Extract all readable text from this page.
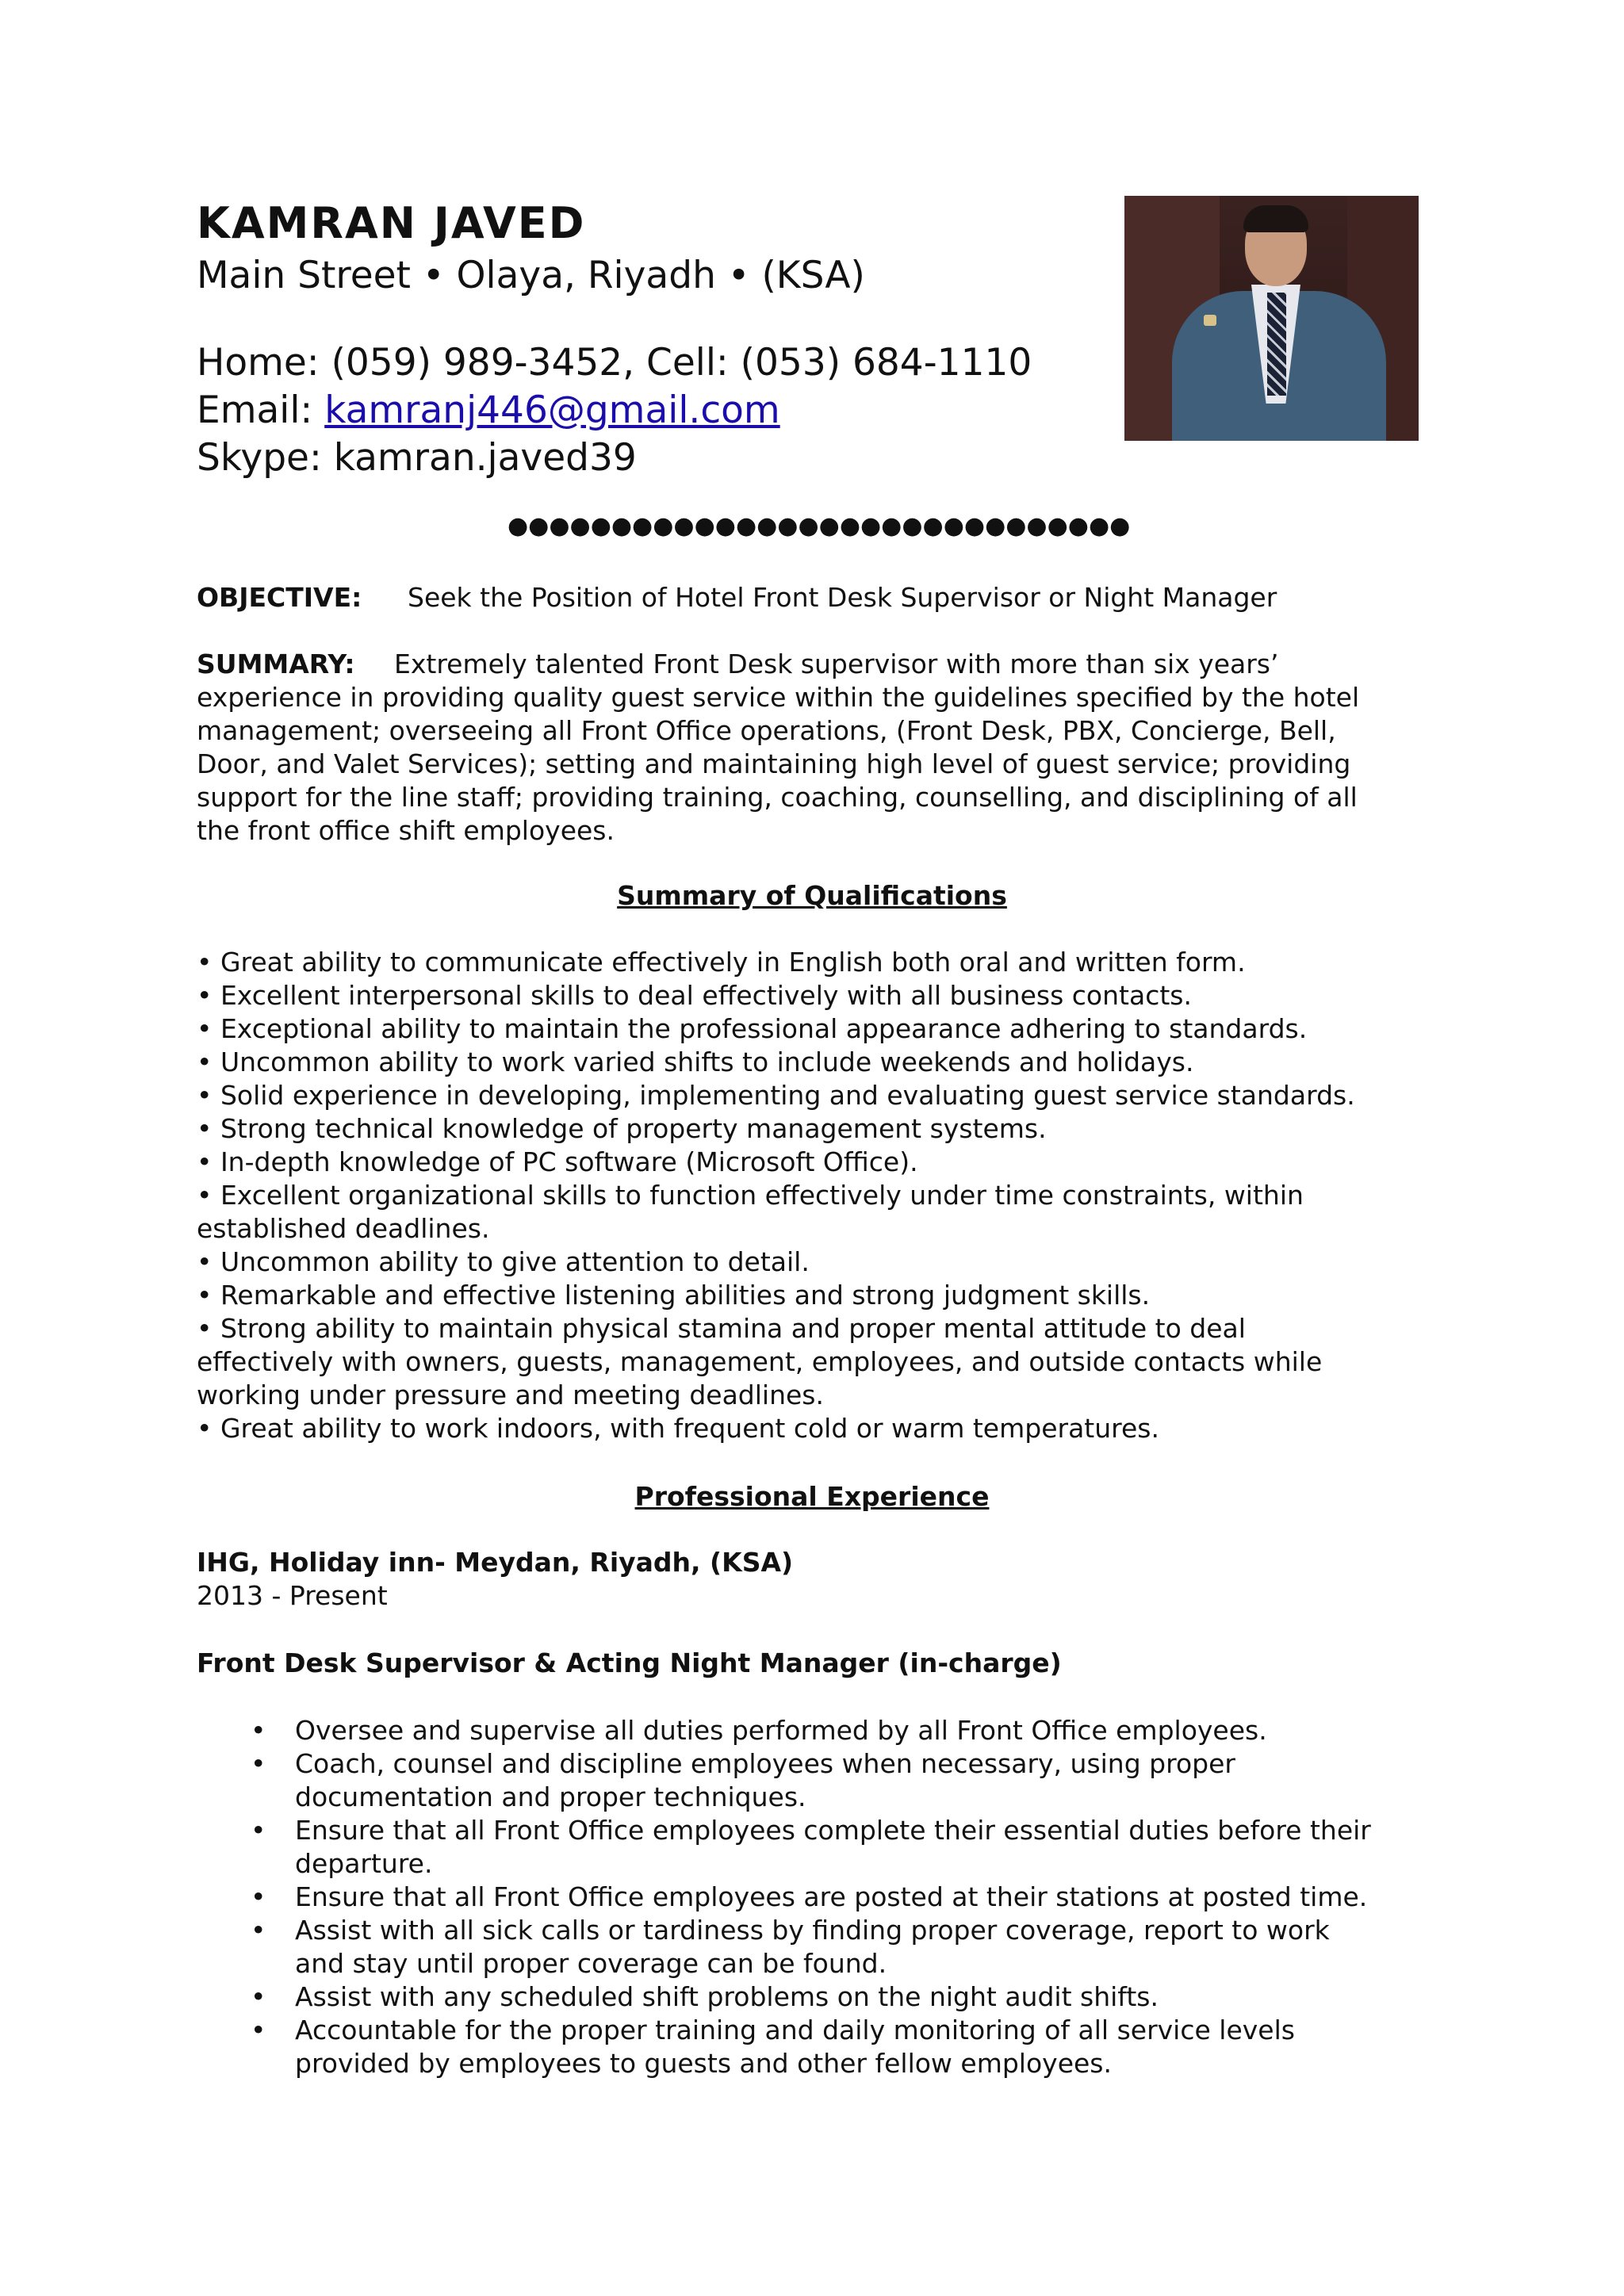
KAMRAN JAVED
Main Street • Olaya, Riyadh • (KSA)
Home: (059) 989-3452, Cell: (053) 684-1110
Email: kamranj446@gmail.com
Skype: kamran.javed39
●●●●●●●●●●●●●●●●●●●●●●●●●●●●●●
OBJECTIVE: Seek the Position of Hotel Front Desk Supervisor or Night Manager
SUMMARY: Extremely talented Front Desk supervisor with more than six years’
experience in providing quality guest service within the guidelines specified by the hotel
management; overseeing all Front Office operations, (Front Desk, PBX, Concierge, Bell,
Door, and Valet Services); setting and maintaining high level of guest service; providing
support for the line staff; providing training, coaching, counselling, and disciplining of all
the front office shift employees.
Summary of Qualifications
• Great ability to communicate effectively in English both oral and written form.
• Excellent interpersonal skills to deal effectively with all business contacts.
• Exceptional ability to maintain the professional appearance adhering to standards.
• Uncommon ability to work varied shifts to include weekends and holidays.
• Solid experience in developing, implementing and evaluating guest service standards.
• Strong technical knowledge of property management systems.
• In-depth knowledge of PC software (Microsoft Office).
• Excellent organizational skills to function effectively under time constraints, within
established deadlines.
• Uncommon ability to give attention to detail.
• Remarkable and effective listening abilities and strong judgment skills.
• Strong ability to maintain physical stamina and proper mental attitude to deal
effectively with owners, guests, management, employees, and outside contacts while
working under pressure and meeting deadlines.
• Great ability to work indoors, with frequent cold or warm temperatures.
Professional Experience
IHG, Holiday inn- Meydan, Riyadh, (KSA)
2013 - Present
Front Desk Supervisor & Acting Night Manager (in-charge)
• Oversee and supervise all duties performed by all Front Office employees.
• Coach, counsel and discipline employees when necessary, using proper
documentation and proper techniques.
• Ensure that all Front Office employees complete their essential duties before their
departure.
• Ensure that all Front Office employees are posted at their stations at posted time.
• Assist with all sick calls or tardiness by finding proper coverage, report to work
and stay until proper coverage can be found.
• Assist with any scheduled shift problems on the night audit shifts.
• Accountable for the proper training and daily monitoring of all service levels
provided by employees to guests and other fellow employees.
